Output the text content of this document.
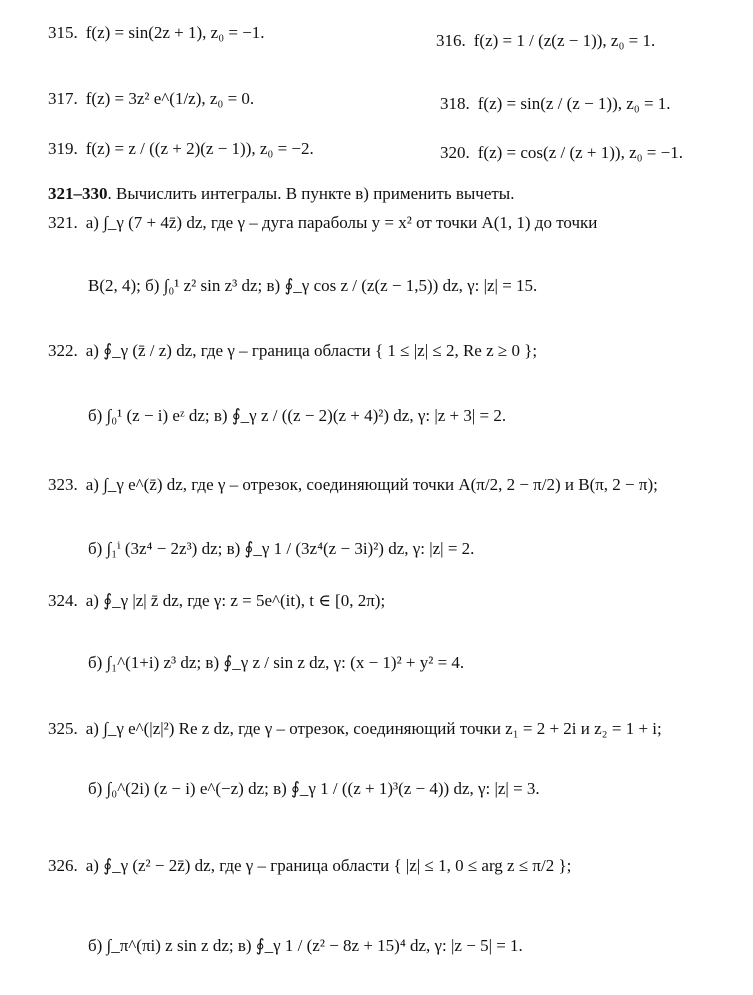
315. f(z) = sin(2z + 1), z₀ = −1.	316. f(z) = 1 / (z(z − 1)), z₀ = 1.
317. f(z) = 3z² e^(1/z), z₀ = 0.	318. f(z) = sin(z / (z − 1)), z₀ = 1.
319. f(z) = z / ((z + 2)(z − 1)), z₀ = −2.	320. f(z) = cos(z / (z + 1)), z₀ = −1.
321–330. Вычислить интегралы. В пункте в) применить вычеты.
321. а) ∫_γ (7 + 4z̄) dz, где γ – дуга параболы y = x² от точки A(1, 1) до точки
B(2, 4); б) ∫₀¹ z² sin z³ dz; в) ∮_γ cos z / (z(z − 1,5)) dz, γ: |z| = 15.
322. а) ∮_γ (z̄ / z) dz, где γ – граница области { 1 ≤ |z| ≤ 2, Re z ≥ 0 };
б) ∫₀¹ (z − i) eᶻ dz; в) ∮_γ z / ((z − 2)(z + 4)²) dz, γ: |z + 3| = 2.
323. а) ∫_γ e^(z̄) dz, где γ – отрезок, соединяющий точки A(π/2, 2 − π/2) и B(π, 2 − π);
б) ∫₁ⁱ (3z⁴ − 2z³) dz; в) ∮_γ 1 / (3z⁴(z − 3i)²) dz, γ: |z| = 2.
324. а) ∮_γ |z| z̄ dz, где γ: z = 5e^(it), t ∈ [0, 2π);
б) ∫₁^(1+i) z³ dz; в) ∮_γ z / sin z dz, γ: (x − 1)² + y² = 4.
325. а) ∫_γ e^(|z|²) Re z dz, где γ – отрезок, соединяющий точки z₁ = 2 + 2i и z₂ = 1 + i;
б) ∫₀^(2i) (z − i) e^(−z) dz; в) ∮_γ 1 / ((z + 1)³(z − 4)) dz, γ: |z| = 3.
326. а) ∮_γ (z² − 2z̄) dz, где γ – граница области { |z| ≤ 1, 0 ≤ arg z ≤ π/2 };
б) ∫_π^(πi) z sin z dz; в) ∮_γ 1 / (z² − 8z + 15)⁴ dz, γ: |z − 5| = 1.
